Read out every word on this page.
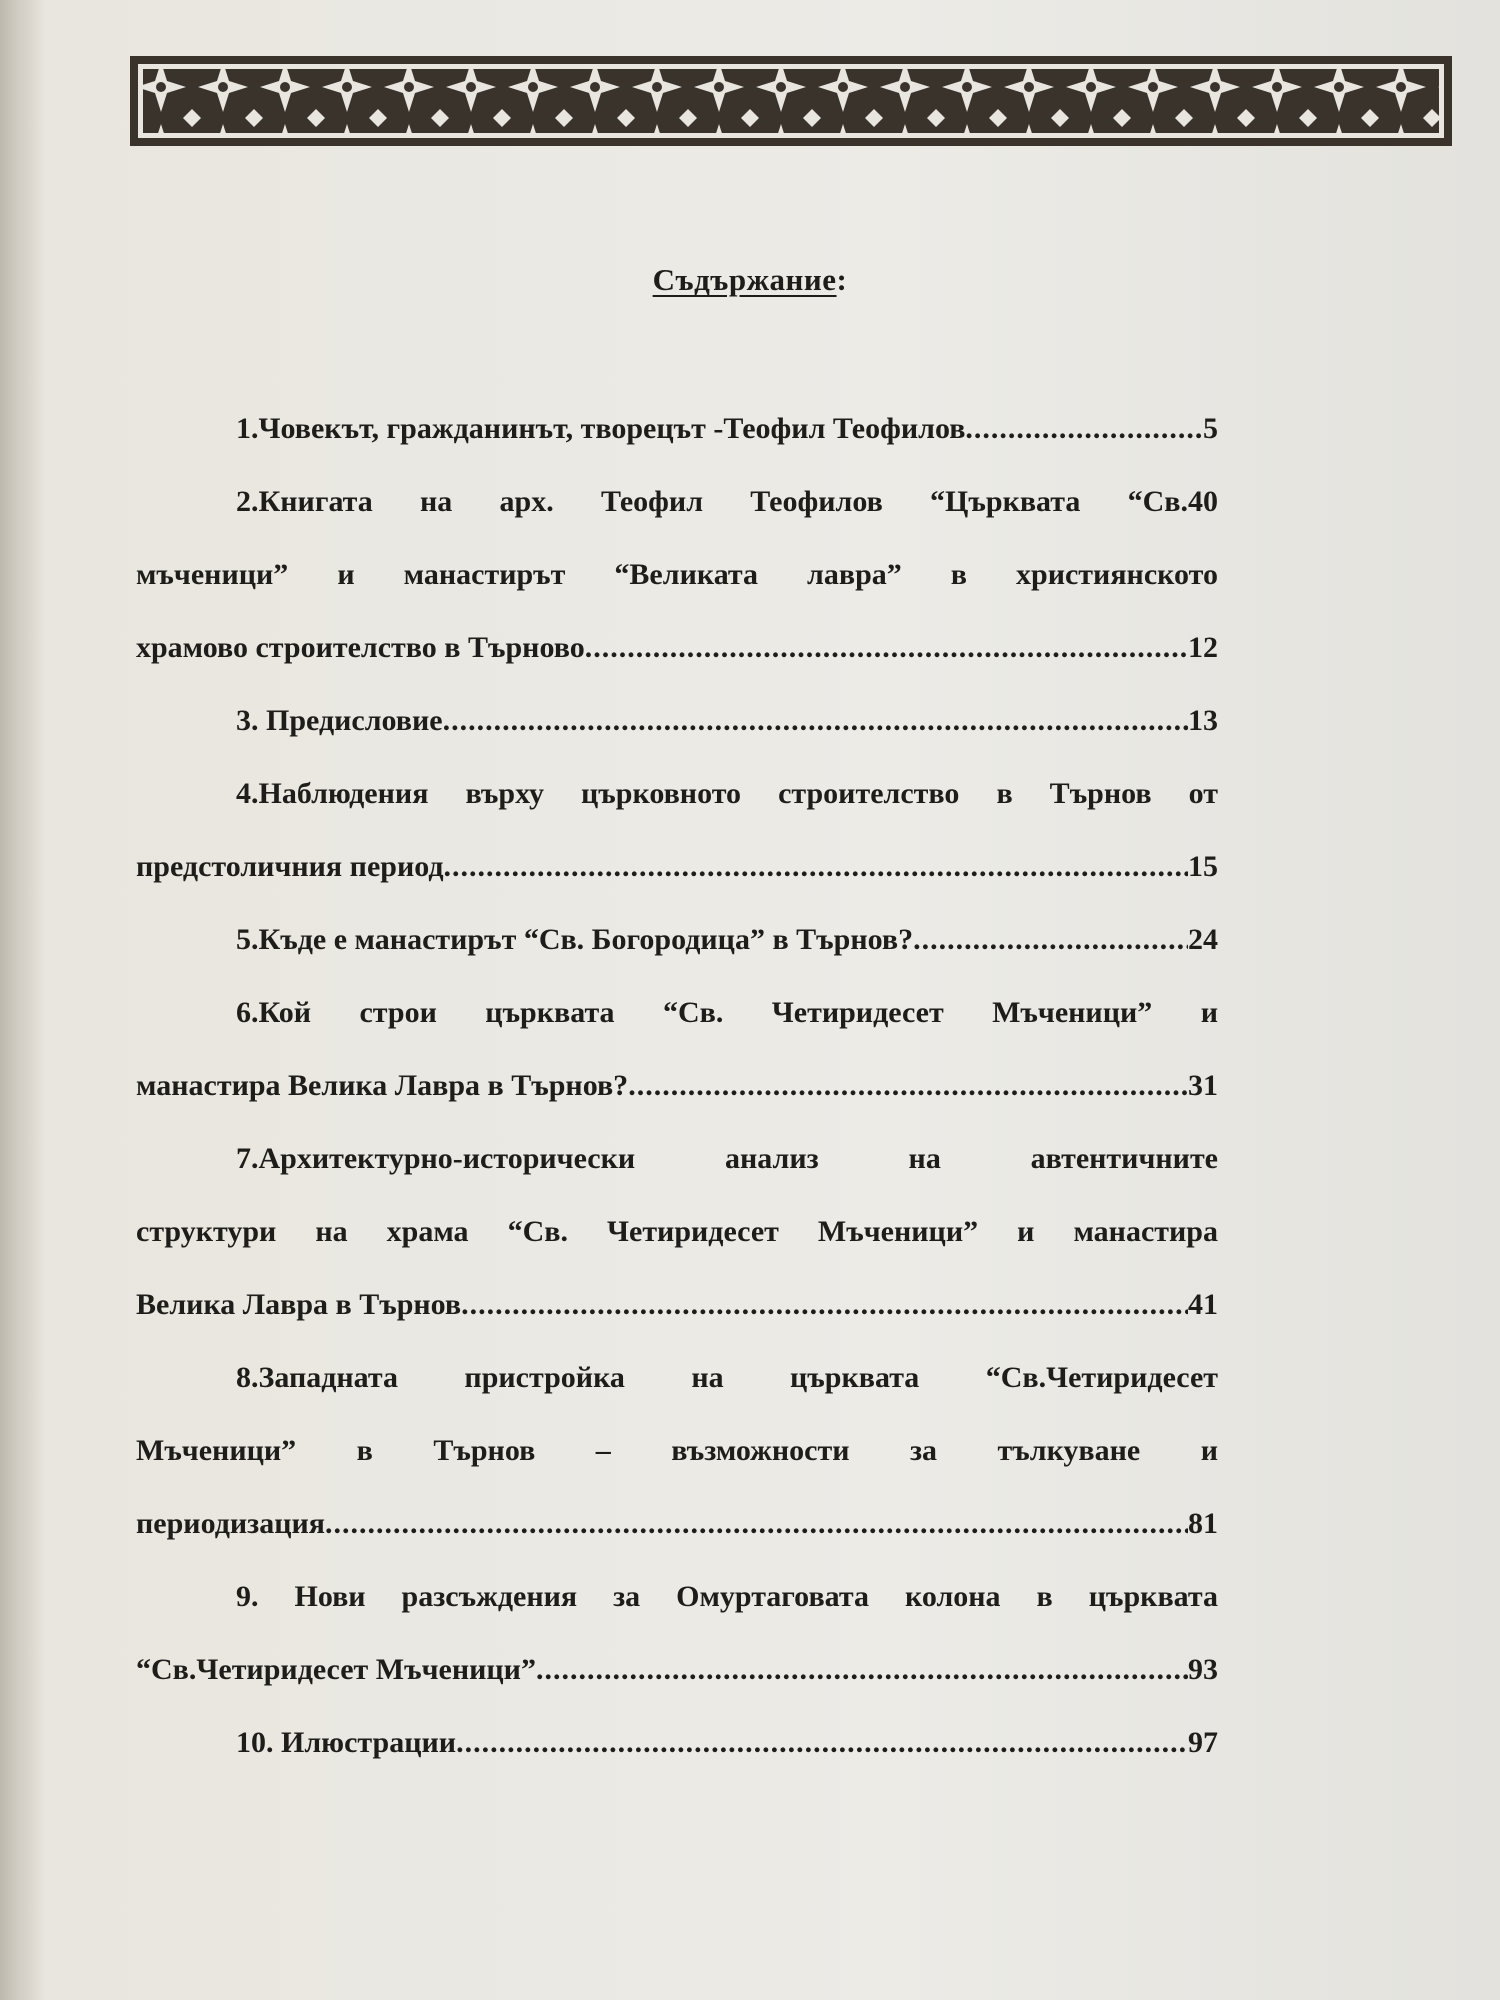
Съдържание:
1.Човекът, гражданинът, творецът -Теофил Теофилов .....	5
2.Книгата на арх. Теофил Теофилов “Църквата “Св.40
мъченици” и манастирът “Великата лавра” в християнското
храмово строителство в Търново .....	12
3. Предисловие .....	13
4.Наблюдения върху църковното строителство в Търнов от
предстоличния период .....	15
5.Къде е манастирът “Св. Богородица” в Търнов? .....	24
6.Кой строи църквата “Св. Четиридесет Мъченици” и
манастира Велика Лавра в Търнов? .....	31
7.Архитектурно-исторически анализ на автентичните
структури на храма “Св. Четиридесет Мъченици” и манастира
Велика Лавра в Търнов .....	41
8.Западната пристройка на църквата “Св.Четиридесет
Мъченици” в Търнов – възможности за тълкуване и
периодизация .....	81
9. Нови разсъждения за Омуртаговата колона в църквата
“Св.Четиридесет Мъченици” .....	93
10. Илюстрации .....	97
